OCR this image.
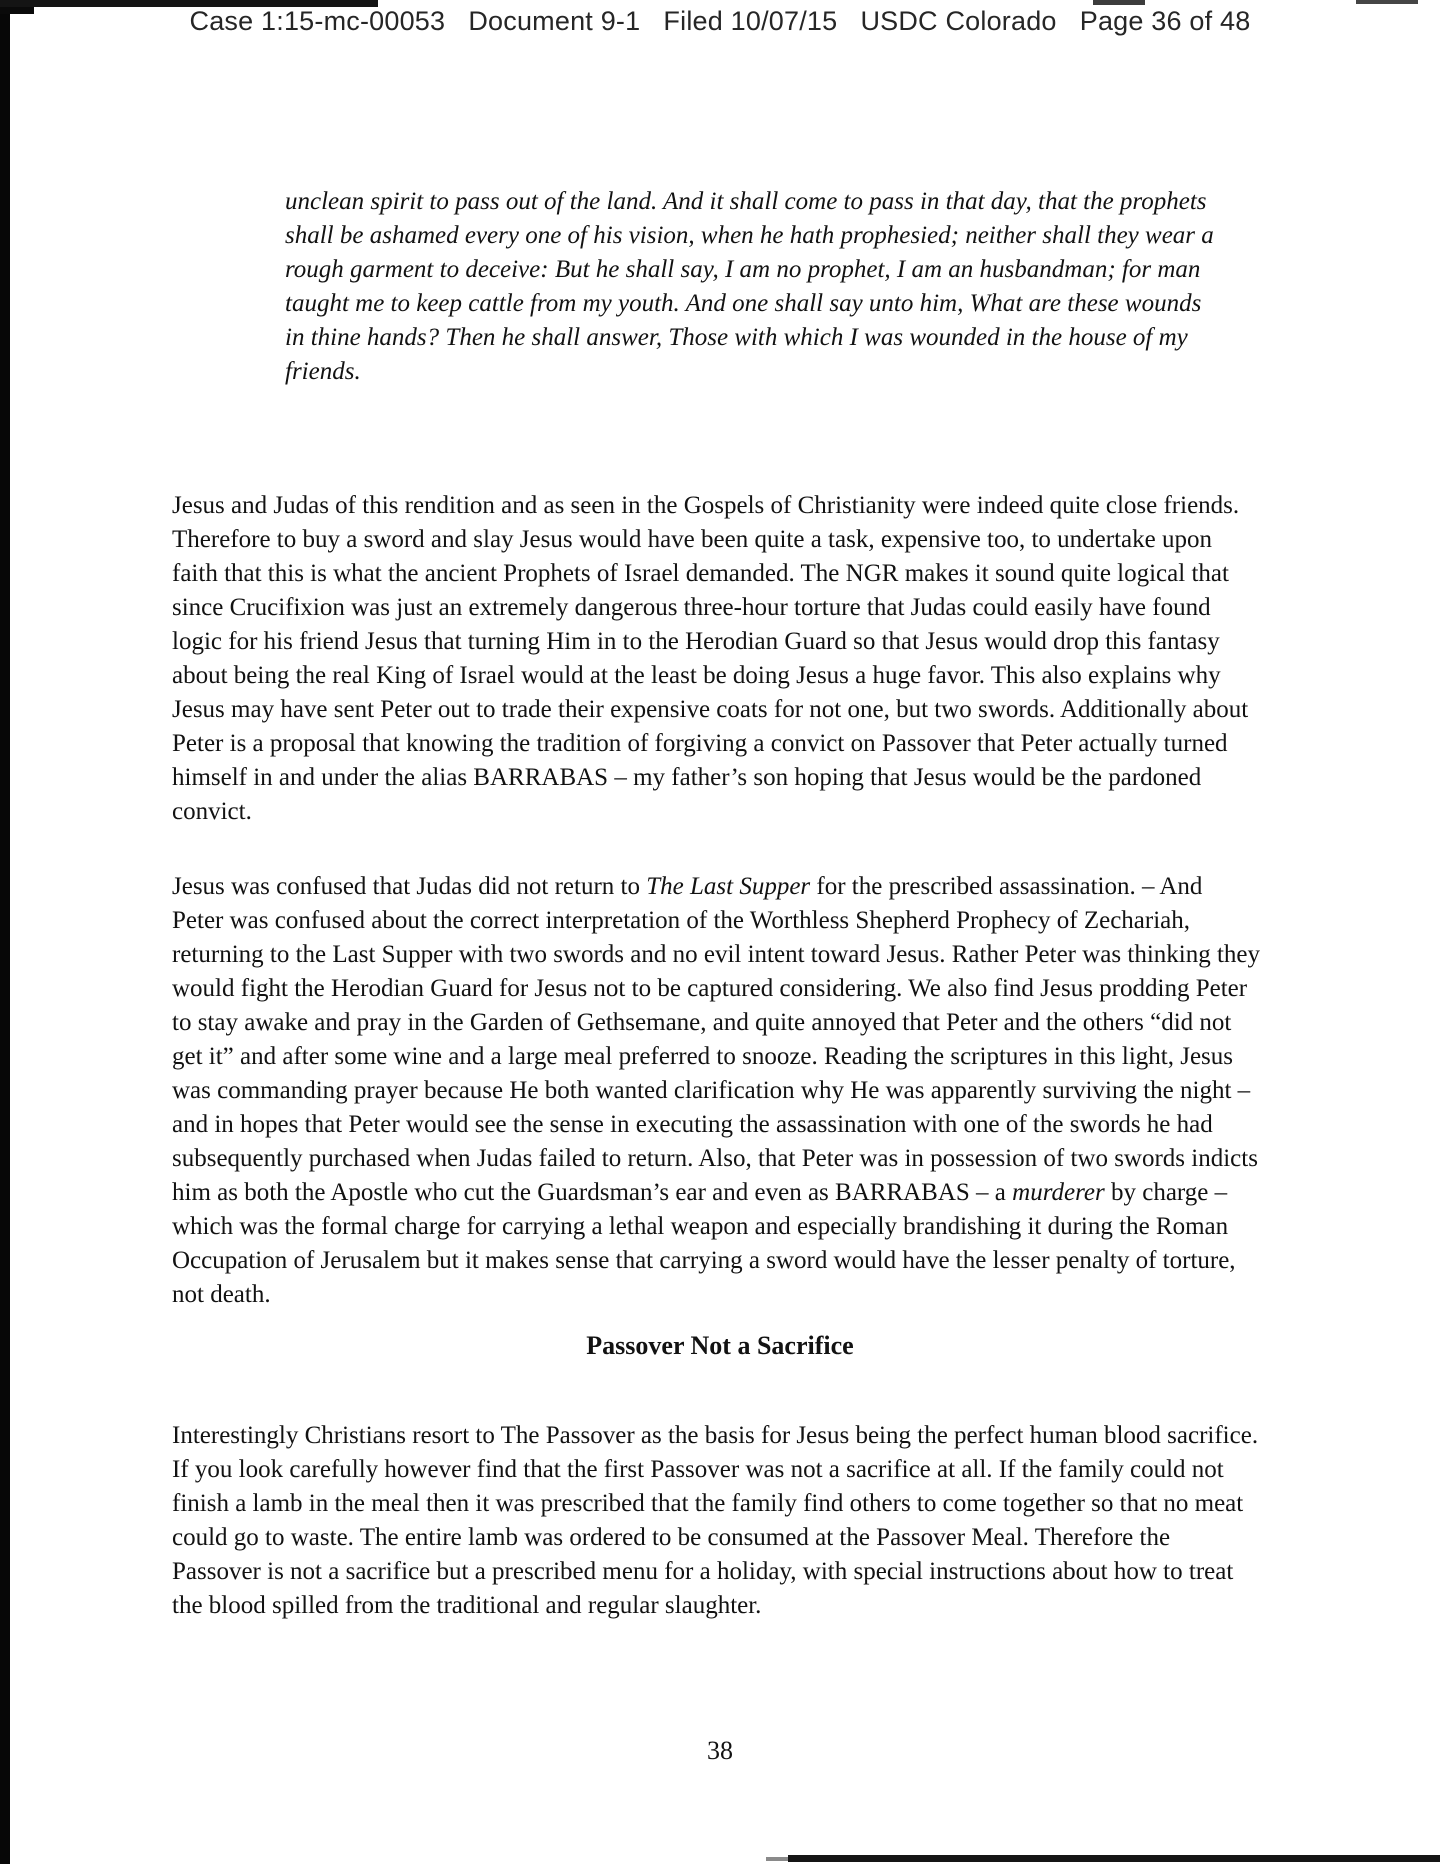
Case 1:15-mc-00053   Document 9-1   Filed 10/07/15   USDC Colorado   Page 36 of 48
unclean spirit to pass out of the land. And it shall come to pass in that day, that the prophets shall be ashamed every one of his vision, when he hath prophesied; neither shall they wear a rough garment to deceive: But he shall say, I am no prophet, I am an husbandman; for man taught me to keep cattle from my youth. And one shall say unto him, What are these wounds in thine hands? Then he shall answer, Those with which I was wounded in the house of my friends.

Jesus and Judas of this rendition and as seen in the Gospels of Christianity were indeed quite close friends. Therefore to buy a sword and slay Jesus would have been quite a task, expensive too, to undertake upon faith that this is what the ancient Prophets of Israel demanded. The NGR makes it sound quite logical that since Crucifixion was just an extremely dangerous three-hour torture that Judas could easily have found logic for his friend Jesus that turning Him in to the Herodian Guard so that Jesus would drop this fantasy about being the real King of Israel would at the least be doing Jesus a huge favor. This also explains why Jesus may have sent Peter out to trade their expensive coats for not one, but two swords. Additionally about Peter is a proposal that knowing the tradition of forgiving a convict on Passover that Peter actually turned himself in and under the alias BARRABAS – my father’s son hoping that Jesus would be the pardoned convict.

Jesus was confused that Judas did not return to The Last Supper for the prescribed assassination. – And Peter was confused about the correct interpretation of the Worthless Shepherd Prophecy of Zechariah, returning to the Last Supper with two swords and no evil intent toward Jesus. Rather Peter was thinking they would fight the Herodian Guard for Jesus not to be captured considering. We also find Jesus prodding Peter to stay awake and pray in the Garden of Gethsemane, and quite annoyed that Peter and the others “did not get it” and after some wine and a large meal preferred to snooze. Reading the scriptures in this light, Jesus was commanding prayer because He both wanted clarification why He was apparently surviving the night – and in hopes that Peter would see the sense in executing the assassination with one of the swords he had subsequently purchased when Judas failed to return. Also, that Peter was in possession of two swords indicts him as both the Apostle who cut the Guardsman’s ear and even as BARRABAS – a murderer by charge – which was the formal charge for carrying a lethal weapon and especially brandishing it during the Roman Occupation of Jerusalem but it makes sense that carrying a sword would have the lesser penalty of torture, not death.

Passover Not a Sacrifice

Interestingly Christians resort to The Passover as the basis for Jesus being the perfect human blood sacrifice. If you look carefully however find that the first Passover was not a sacrifice at all. If the family could not finish a lamb in the meal then it was prescribed that the family find others to come together so that no meat could go to waste. The entire lamb was ordered to be consumed at the Passover Meal. Therefore the Passover is not a sacrifice but a prescribed menu for a holiday, with special instructions about how to treat the blood spilled from the traditional and regular slaughter.

38
